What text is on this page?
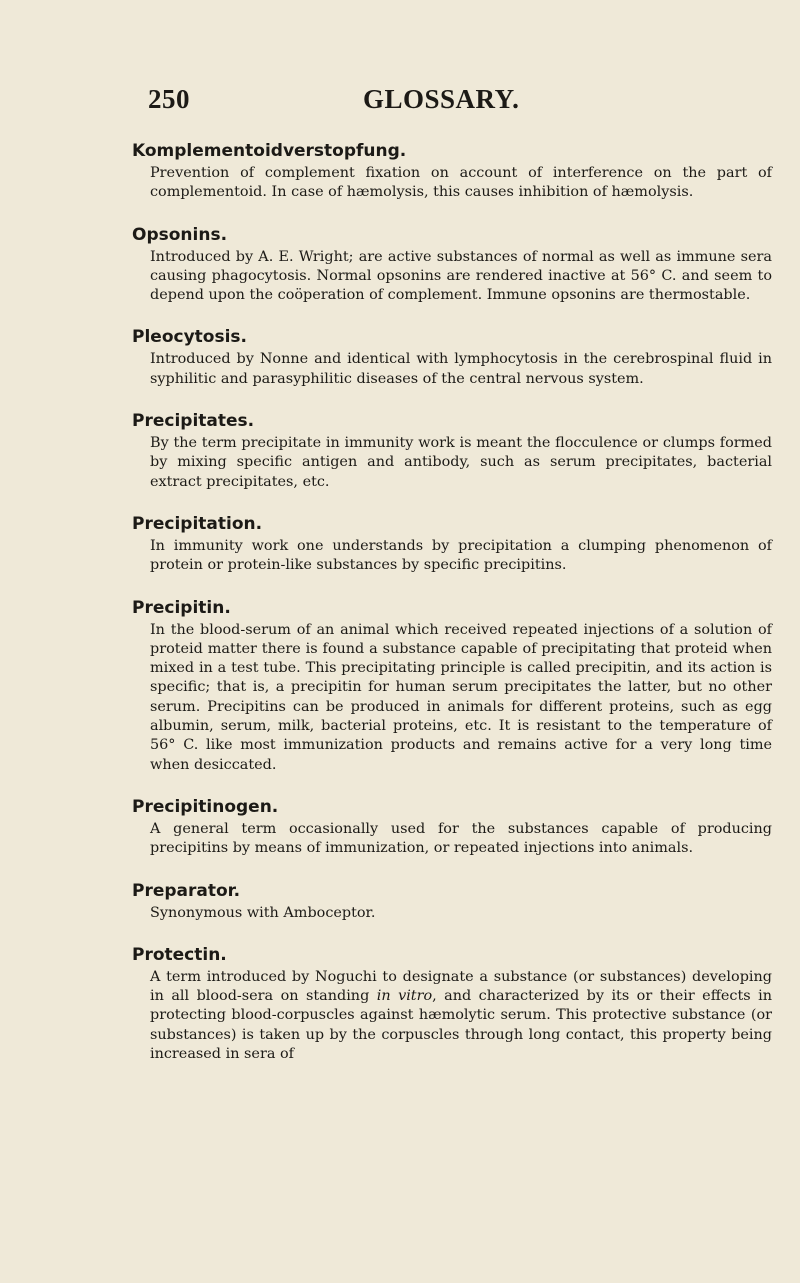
250	GLOSSARY.
Komplementoidverstopfung.

Prevention of complement fixation on account of interference on the part of complementoid. In case of hæmolysis, this causes inhibition of hæmolysis.

Opsonins.

Introduced by A. E. Wright; are active substances of normal as well as immune sera causing phagocytosis. Normal opsonins are rendered inactive at 56° C. and seem to depend upon the coöperation of complement. Immune opsonins are thermostable.

Pleocytosis.

Introduced by Nonne and identical with lymphocytosis in the cerebrospinal fluid in syphilitic and parasyphilitic diseases of the central nervous system.

Precipitates.

By the term precipitate in immunity work is meant the flocculence or clumps formed by mixing specific antigen and antibody, such as serum precipitates, bacterial extract precipitates, etc.

Precipitation.

In immunity work one understands by precipitation a clumping phenomenon of protein or protein-like substances by specific precipitins.

Precipitin.

In the blood-serum of an animal which received repeated injections of a solution of proteid matter there is found a substance capable of precipitating that proteid when mixed in a test tube. This precipitating principle is called precipitin, and its action is specific; that is, a precipitin for human serum precipitates the latter, but no other serum. Precipitins can be produced in animals for different proteins, such as egg albumin, serum, milk, bacterial proteins, etc. It is resistant to the temperature of 56° C. like most immunization products and remains active for a very long time when desiccated.

Precipitinogen.

A general term occasionally used for the substances capable of producing precipitins by means of immunization, or repeated injections into animals.

Preparator.

Synonymous with Amboceptor.

Protectin.

A term introduced by Noguchi to designate a substance (or substances) developing in all blood-sera on standing in vitro, and characterized by its or their effects in protecting blood-corpuscles against hæmolytic serum. This protective substance (or substances) is taken up by the corpuscles through long contact, this property being increased in sera of
